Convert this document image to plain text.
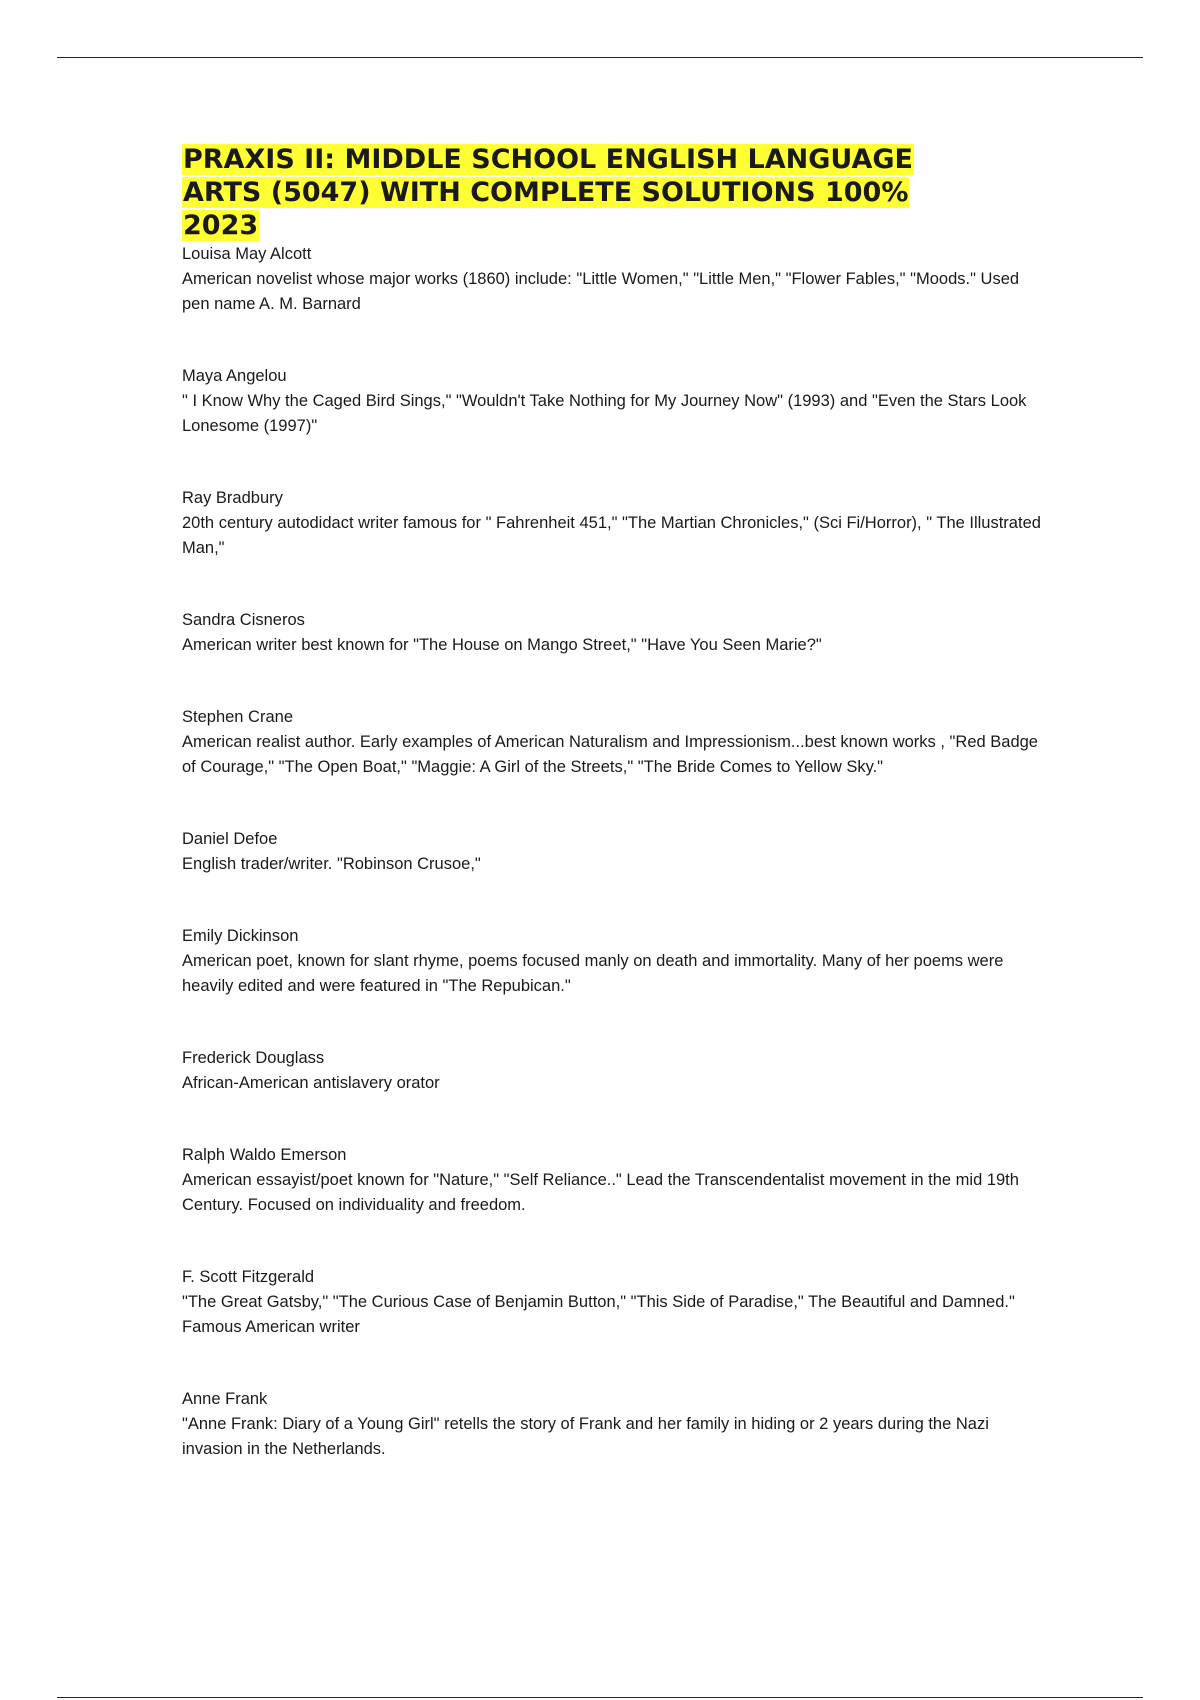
PRAXIS II: MIDDLE SCHOOL ENGLISH LANGUAGE ARTS (5047) WITH COMPLETE SOLUTIONS 100% 2023
Louisa May Alcott
American novelist whose major works (1860) include: "Little Women," "Little Men," "Flower Fables," "Moods." Used pen name A. M. Barnard
Maya Angelou
" I Know Why the Caged Bird Sings," "Wouldn't Take Nothing for My Journey Now" (1993) and "Even the Stars Look Lonesome (1997)"
Ray Bradbury
20th century autodidact writer famous for " Fahrenheit 451," "The Martian Chronicles," (Sci Fi/Horror), " The Illustrated Man,"
Sandra Cisneros
American writer best known for "The House on Mango Street," "Have You Seen Marie?"
Stephen Crane
American realist author. Early examples of American Naturalism and Impressionism...best known works , "Red Badge of Courage," "The Open Boat," "Maggie: A Girl of the Streets," "The Bride Comes to Yellow Sky."
Daniel Defoe
English trader/writer. "Robinson Crusoe,"
Emily Dickinson
American poet, known for slant rhyme, poems focused manly on death and immortality. Many of her poems were heavily edited and were featured in "The Repubican."
Frederick Douglass
African-American antislavery orator
Ralph Waldo Emerson
American essayist/poet known for "Nature," "Self Reliance.." Lead the Transcendentalist movement in the mid 19th Century. Focused on individuality and freedom.
F. Scott Fitzgerald
"The Great Gatsby," "The Curious Case of Benjamin Button," "This Side of Paradise," The Beautiful and Damned." Famous American writer
Anne Frank
"Anne Frank: Diary of a Young Girl" retells the story of Frank and her family in hiding or 2 years during the Nazi invasion in the Netherlands.
